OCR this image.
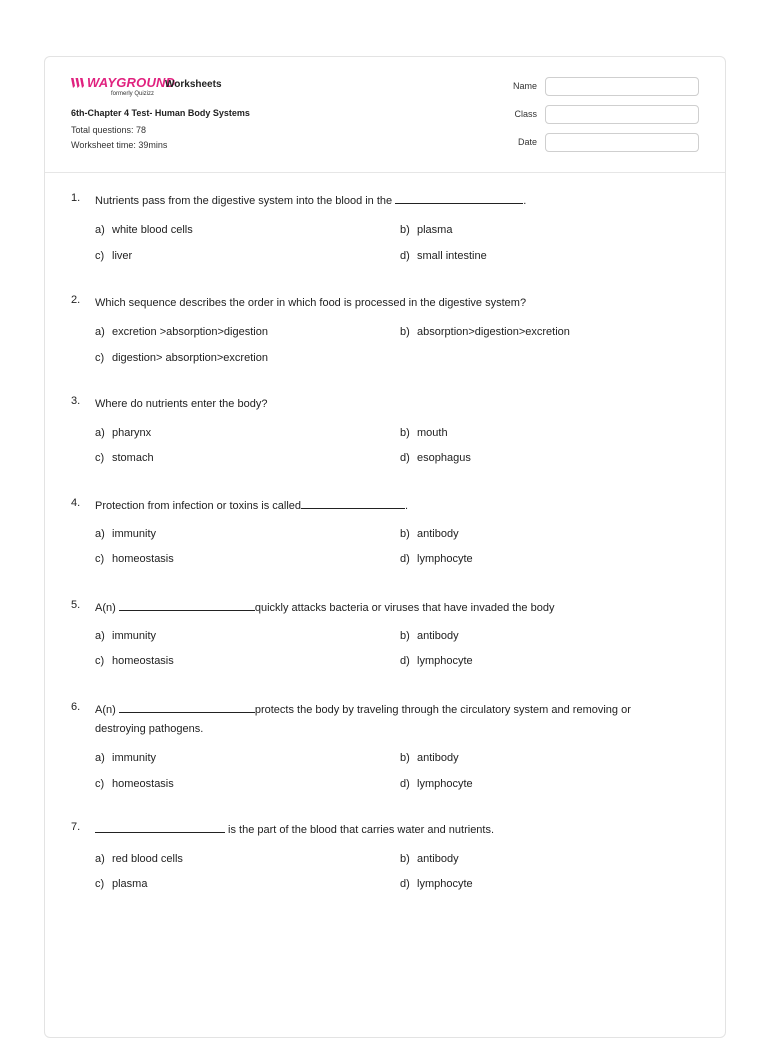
WAYGROUND
formerly Quizizz
Worksheets
6th-Chapter 4 Test- Human Body Systems
Total questions: 78
Worksheet time: 39mins
Name
Class
Date
1. Nutrients pass from the digestive system into the blood in the	.
a) white blood cells	b) plasma
c) liver	d) small intestine
2. Which sequence describes the order in which food is processed in the digestive system?
a) excretion >absorption>digestion	b) absorption>digestion>excretion
c) digestion> absorption>excretion
3. Where do nutrients enter the body?
a) pharynx	b) mouth
c) stomach	d) esophagus
4. Protection from infection or toxins is called	.
a) immunity	b) antibody
c) homeostasis	d) lymphocyte
5. A(n)	quickly attacks bacteria or viruses that have invaded the body
a) immunity	b) antibody
c) homeostasis	d) lymphocyte
6. A(n)	protects the body by traveling through the circulatory system and removing or destroying pathogens.
a) immunity	b) antibody
c) homeostasis	d) lymphocyte
7.	is the part of the blood that carries water and nutrients.
a) red blood cells	b) antibody
c) plasma	d) lymphocyte
